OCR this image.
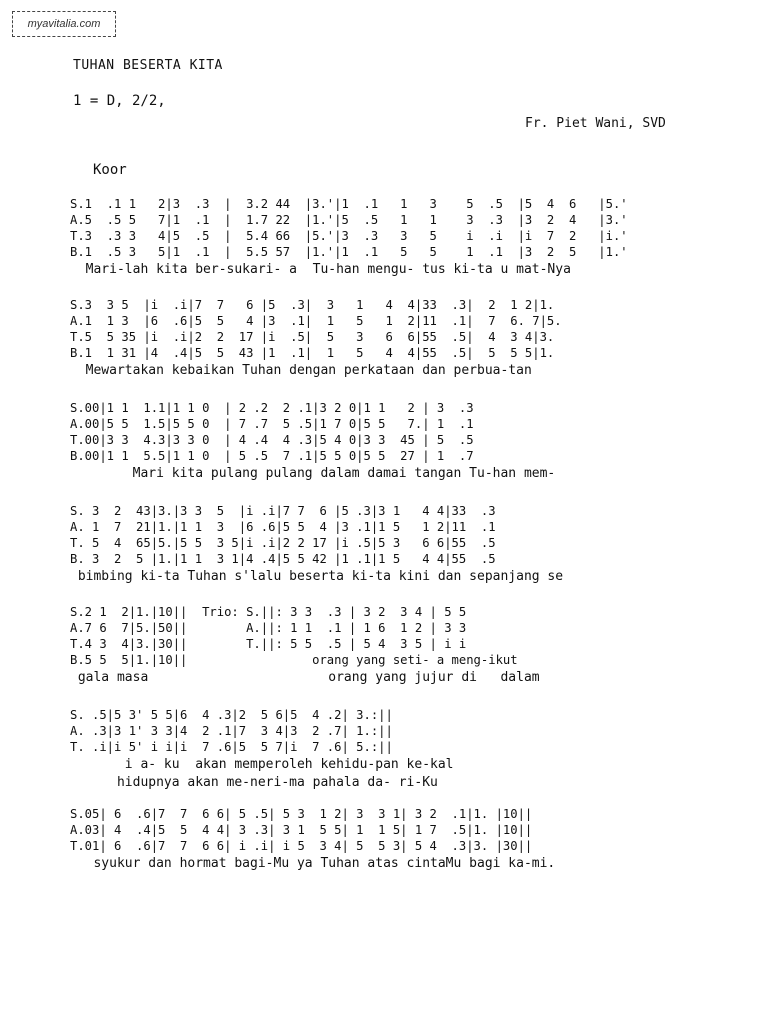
myavitalia.com
TUHAN BESERTA KITA
1 = D, 2/2,
Fr. Piet Wani, SVD
Koor
S.1  .1 1   2|3  .3  |  3.2 44  |3.'|1  .1   1   3    5  .5  |5  4  6   |5.'
A.5  .5 5   7|1  .1  |  1.7 22  |1.'|5  .5   1   1    3  .3  |3  2  4   |3.'
T.3  .3 3   4|5  .5  |  5.4 66  |5.'|3  .3   3   5    i  .i  |i  7  2   |i.'
B.1  .5 3   5|1  .1  |  5.5 57  |1.'|1  .1   5   5    1  .1  |3  2  5   |1.'
Mari-lah kita ber-sukari- a  Tu-han mengu- tus ki-ta u mat-Nya
S.3  3 5  |i  .i|7  7   6 |5  .3|  3   1   4  4|33  .3|  2  1 2|1.
A.1  1 3  |6  .6|5  5   4 |3  .1|  1   5   1  2|11  .1|  7  6. 7|5.
T.5  5 35 |i  .i|2  2  17 |i  .5|  5   3   6  6|55  .5|  4  3 4|3.
B.1  1 31 |4  .4|5  5  43 |1  .1|  1   5   4  4|55  .5|  5  5 5|1.
Mewartakan kebaikan Tuhan dengan perkataan dan perbua-tan
S.00|1 1  1.1|1 1 0  | 2 .2  2 .1|3 2 0|1 1   2 | 3  .3
A.00|5 5  1.5|5 5 0  | 7 .7  5 .5|1 7 0|5 5   7.| 1  .1
T.00|3 3  4.3|3 3 0  | 4 .4  4 .3|5 4 0|3 3  45 | 5  .5
B.00|1 1  5.5|1 1 0  | 5 .5  7 .1|5 5 0|5 5  27 | 1  .7
Mari kita pulang pulang dalam damai tangan Tu-han mem-
S. 3  2  43|3.|3 3  5  |i .i|7 7  6 |5 .3|3 1   4 4|33  .3
A. 1  7  21|1.|1 1  3  |6 .6|5 5  4 |3 .1|1 5   1 2|11  .1
T. 5  4  65|5.|5 5  3 5|i .i|2 2 17 |i .5|5 3   6 6|55  .5
B. 3  2  5 |1.|1 1  3 1|4 .4|5 5 42 |1 .1|1 5   4 4|55  .5
bimbing ki-ta Tuhan s'lalu beserta ki-ta kini dan sepanjang se
S.2 1  2|1.|10||  Trio: S.||: 3 3  .3 | 3 2  3 4 | 5 5
A.7 6  7|5.|50||        A.||: 1 1  .1 | 1 6  1 2 | 3 3
T.4 3  4|3.|30||        T.||: 5 5  .5 | 5 4  3 5 | i i
B.5 5  5|1.|10||                 orang yang seti- a meng-ikut
gala masa                       orang yang jujur di   dalam
S. .5|5 3' 5 5|6  4 .3|2  5 6|5  4 .2| 3.:||
A. .3|3 1' 3 3|4  2 .1|7  3 4|3  2 .7| 1.:||
T. .i|i 5' i i|i  7 .6|5  5 7|i  7 .6| 5.:||
i a- ku  akan memperoleh kehidu-pan ke-kal
hidupnya akan me-neri-ma pahala da- ri-Ku
S.05| 6  .6|7  7  6 6| 5 .5| 5 3  1 2| 3  3 1| 3 2  .1|1. |10||
A.03| 4  .4|5  5  4 4| 3 .3| 3 1  5 5| 1  1 5| 1 7  .5|1. |10||
T.01| 6  .6|7  7  6 6| i .i| i 5  3 4| 5  5 3| 5 4  .3|3. |30||
syukur dan hormat bagi-Mu ya Tuhan atas cintaMu bagi ka-mi.
